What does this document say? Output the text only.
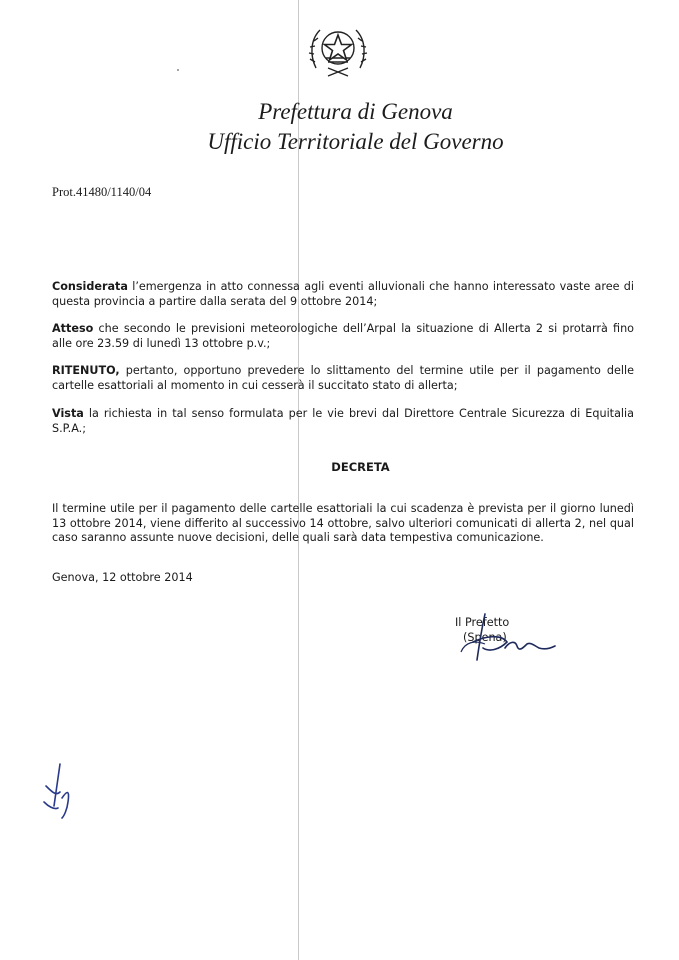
Prefettura di Genova
Ufficio Territoriale del Governo
Prot.41480/1140/04
Considerata l’emergenza in atto connessa agli eventi alluvionali che hanno interessato vaste aree di questa provincia a partire dalla serata del 9 ottobre 2014;
Atteso che secondo le previsioni meteorologiche dell’Arpal la situazione di Allerta 2 si protarrà fino alle ore 23.59 di lunedì 13 ottobre p.v.;
RITENUTO, pertanto, opportuno prevedere lo slittamento del termine utile per il pagamento delle cartelle esattoriali al momento in cui cesserà il succitato stato di allerta;
Vista la richiesta in tal senso formulata per le vie brevi dal Direttore Centrale Sicurezza di Equitalia S.P.A.;
DECRETA
Il termine utile per il pagamento delle cartelle esattoriali la cui scadenza è prevista per il giorno lunedì 13 ottobre 2014, viene differito al successivo 14 ottobre, salvo ulteriori comunicati di allerta 2, nel qual caso saranno assunte nuove decisioni, delle quali sarà data tempestiva comunicazione.
Genova, 12 ottobre 2014
Il Prefetto
(Spena)
